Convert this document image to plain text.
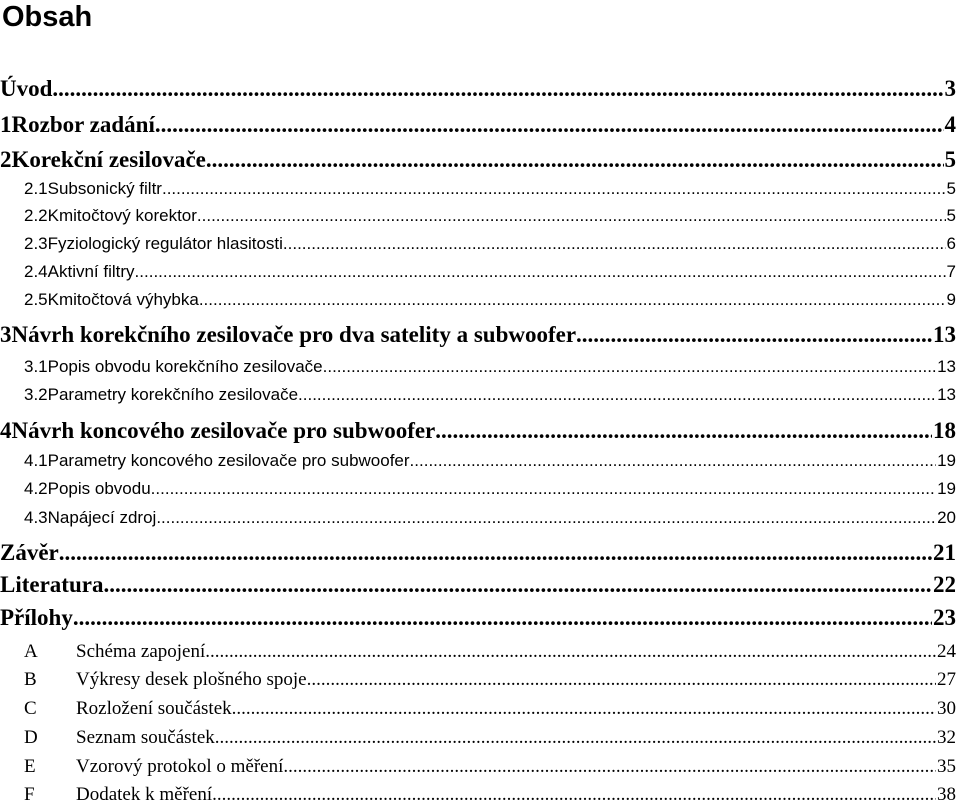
Obsah
Úvod .....	3
1 Rozbor zadání .....	4
2 Korekční zesilovače .....	5
2.1 Subsonický filtr .....	5
2.2 Kmitočtový korektor .....	5
2.3 Fyziologický regulátor hlasitosti .....	6
2.4 Aktivní filtry .....	7
2.5 Kmitočtová výhybka .....	9
3 Návrh korekčního zesilovače pro dva satelity a subwoofer .....	13
3.1 Popis obvodu korekčního zesilovače .....	13
3.2 Parametry korekčního zesilovače .....	13
4 Návrh koncového zesilovače pro subwoofer .....	18
4.1 Parametry koncového zesilovače pro subwoofer .....	19
4.2 Popis obvodu .....	19
4.3 Napájecí zdroj .....	20
Závěr .....	21
Literatura .....	22
Přílohy .....	23
A	Schéma zapojení .....	24
B	Výkresy desek plošného spoje .....	27
C	Rozložení součástek .....	30
D	Seznam součástek .....	32
E	Vzorový protokol o měření .....	35
F	Dodatek k měření .....	38
